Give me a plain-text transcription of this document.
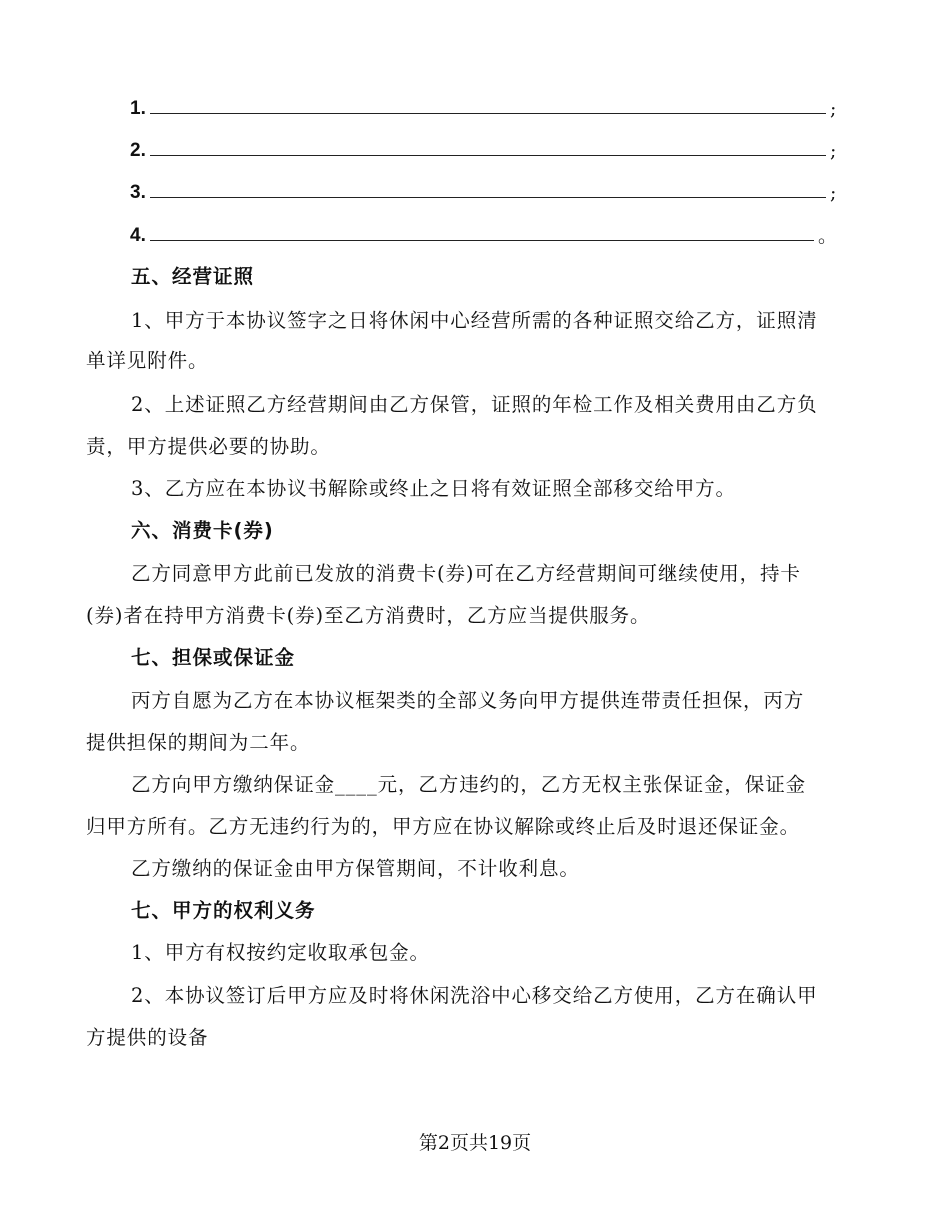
1.	;
2.	;
3.	;
4.	。
五、经营证照
1、甲方于本协议签字之日将休闲中心经营所需的各种证照交给乙方，证照清
单详见附件。
2、上述证照乙方经营期间由乙方保管，证照的年检工作及相关费用由乙方负
责，甲方提供必要的协助。
3、乙方应在本协议书解除或终止之日将有效证照全部移交给甲方。
六、消费卡(券)
乙方同意甲方此前已发放的消费卡(券)可在乙方经营期间可继续使用，持卡
(券)者在持甲方消费卡(券)至乙方消费时，乙方应当提供服务。
七、担保或保证金
丙方自愿为乙方在本协议框架类的全部义务向甲方提供连带责任担保，丙方
提供担保的期间为二年。
乙方向甲方缴纳保证金____元，乙方违约的，乙方无权主张保证金，保证金
归甲方所有。乙方无违约行为的，甲方应在协议解除或终止后及时退还保证金。
乙方缴纳的保证金由甲方保管期间，不计收利息。
七、甲方的权利义务
1、甲方有权按约定收取承包金。
2、本协议签订后甲方应及时将休闲洗浴中心移交给乙方使用，乙方在确认甲
方提供的设备
第2页共19页
